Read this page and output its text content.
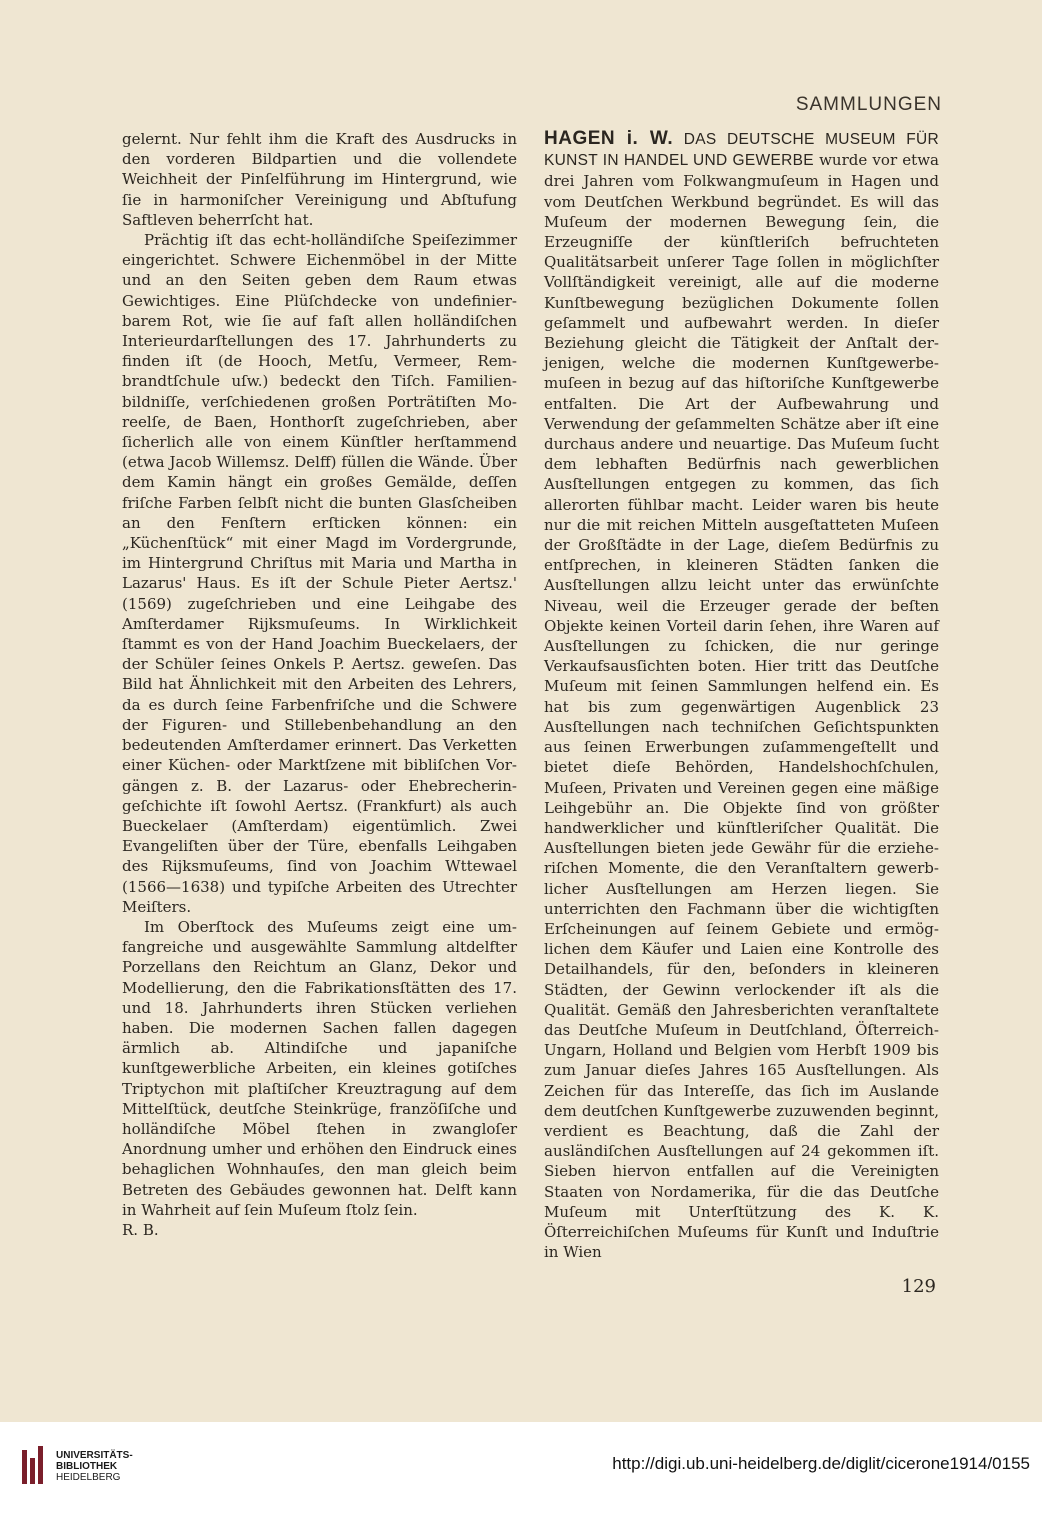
SAMMLUNGEN

gelernt. Nur fehlt ihm die Kraft des Ausdrucks in den vorderen Bildpartien und die vollendete Weichheit der Pinſelführung im Hintergrund, wie ſie in harmoniſcher Vereinigung und Abſtufung Saftleven beherrſcht hat.

Prächtig iſt das echt-holländiſche Speiſezimmer eingerichtet. Schwere Eichenmöbel in der Mitte und an den Seiten geben dem Raum etwas Gewichtiges. Eine Plüſchdecke von undefinierbarem Rot, wie ſie auf faſt allen holländiſchen Interieurdarſtellungen des 17. Jahrhunderts zu finden iſt (de Hooch, Metſu, Vermeer, Rembrandtſchule uſw.) bedeckt den Tiſch. Familienbildniſſe, verſchiedenen großen Porträtiſten Moreelſe, de Baen, Honthorſt zugeſchrieben, aber ſicherlich alle von einem Künſtler herſtammend (etwa Jacob Willemsz. Delff) füllen die Wände. Über dem Kamin hängt ein großes Gemälde, deſſen friſche Farben ſelbſt nicht die bunten Glasſcheiben an den Fenſtern erſticken können: ein „Küchenſtück“ mit einer Magd im Vordergrunde, im Hintergrund Chriſtus mit Maria und Martha in Lazarus' Haus. Es iſt der Schule Pieter Aertsz.' (1569) zugeſchrieben und eine Leihgabe des Amſterdamer Rijksmuſeums. In Wirklichkeit ſtammt es von der Hand Joachim Bueckelaers, der der Schüler ſeines Onkels P. Aertsz. geweſen. Das Bild hat Ähnlichkeit mit den Arbeiten des Lehrers, da es durch ſeine Farbenfriſche und die Schwere der Figuren- und Stillebenbehandlung an den bedeutenden Amſterdamer erinnert. Das Verketten einer Küchen- oder Marktſzene mit bibliſchen Vorgängen z. B. der Lazarus- oder Ehebrecheringeſchichte iſt ſowohl Aertsz. (Frankfurt) als auch Bueckelaer (Amſterdam) eigentümlich. Zwei Evangeliſten über der Türe, ebenfalls Leihgaben des Rijksmuſeums, ſind von Joachim Wttewael (1566—1638) und typiſche Arbeiten des Utrechter Meiſters.

Im Oberſtock des Muſeums zeigt eine umfangreiche und ausgewählte Sammlung altdelfter Porzellans den Reichtum an Glanz, Dekor und Modellierung, den die Fabrikationsſtätten des 17. und 18. Jahrhunderts ihren Stücken verliehen haben. Die modernen Sachen fallen dagegen ärmlich ab. Altindiſche und japaniſche kunſtgewerbliche Arbeiten, ein kleines gotiſches Triptychon mit plaſtiſcher Kreuztragung auf dem Mittelſtück, deutſche Steinkrüge, franzöſiſche und holländiſche Möbel ſtehen in zwangloſer Anordnung umher und erhöhen den Eindruck eines behaglichen Wohnhauſes, den man gleich beim Betreten des Gebäudes gewonnen hat. Delft kann in Wahrheit auf ſein Muſeum ſtolz ſein.

R. B.

HAGEN i. W. DAS DEUTSCHE MUSEUM FÜR KUNST IN HANDEL UND GEWERBE wurde vor etwa drei Jahren vom Folkwangmuſeum in Hagen und vom Deutſchen Werkbund begründet. Es will das Muſeum der modernen Bewegung ſein, die Erzeugniſſe der künſtleriſch befruchteten Qualitätsarbeit unſerer Tage ſollen in möglichſter Vollſtändigkeit vereinigt, alle auf die moderne Kunſtbewegung bezüglichen Dokumente ſollen geſammelt und aufbewahrt werden. In dieſer Beziehung gleicht die Tätigkeit der Anſtalt derjenigen, welche die modernen Kunſtgewerbemuſeen in bezug auf das hiſtoriſche Kunſtgewerbe entfalten. Die Art der Aufbewahrung und Verwendung der geſammelten Schätze aber iſt eine durchaus andere und neuartige. Das Muſeum ſucht dem lebhaften Bedürfnis nach gewerblichen Ausſtellungen entgegen zu kommen, das ſich allerorten fühlbar macht. Leider waren bis heute nur die mit reichen Mitteln ausgeſtatteten Muſeen der Großſtädte in der Lage, dieſem Bedürfnis zu entſprechen, in kleineren Städten ſanken die Ausſtellungen allzu leicht unter das erwünſchte Niveau, weil die Erzeuger gerade der beſten Objekte keinen Vorteil darin ſehen, ihre Waren auf Ausſtellungen zu ſchicken, die nur geringe Verkaufsausſichten boten. Hier tritt das Deutſche Muſeum mit ſeinen Sammlungen helfend ein. Es hat bis zum gegenwärtigen Augenblick 23 Ausſtellungen nach techniſchen Geſichtspunkten aus ſeinen Erwerbungen zuſammengeſtellt und bietet dieſe Behörden, Handelshochſchulen, Muſeen, Privaten und Vereinen gegen eine mäßige Leihgebühr an. Die Objekte ſind von größter handwerklicher und künſtleriſcher Qualität. Die Ausſtellungen bieten jede Gewähr für die erzieheriſchen Momente, die den Veranſtaltern gewerblicher Ausſtellungen am Herzen liegen. Sie unterrichten den Fachmann über die wichtigſten Erſcheinungen auf ſeinem Gebiete und ermöglichen dem Käufer und Laien eine Kontrolle des Detailhandels, für den, beſonders in kleineren Städten, der Gewinn verlockender iſt als die Qualität. Gemäß den Jahresberichten veranſtaltete das Deutſche Muſeum in Deutſchland, Öſterreich-Ungarn, Holland und Belgien vom Herbſt 1909 bis zum Januar dieſes Jahres 165 Ausſtellungen. Als Zeichen für das Intereſſe, das ſich im Auslande dem deutſchen Kunſtgewerbe zuzuwenden beginnt, verdient es Beachtung, daß die Zahl der ausländiſchen Ausſtellungen auf 24 gekommen iſt. Sieben hiervon entfallen auf die Vereinigten Staaten von Nordamerika, für die das Deutſche Muſeum mit Unterſtützung des K. K. Öſterreichiſchen Muſeums für Kunſt und Induſtrie in Wien

129

UNIVERSITÄTS-
BIBLIOTHEK
HEIDELBERG

http://digi.ub.uni-heidelberg.de/diglit/cicerone1914/0155
